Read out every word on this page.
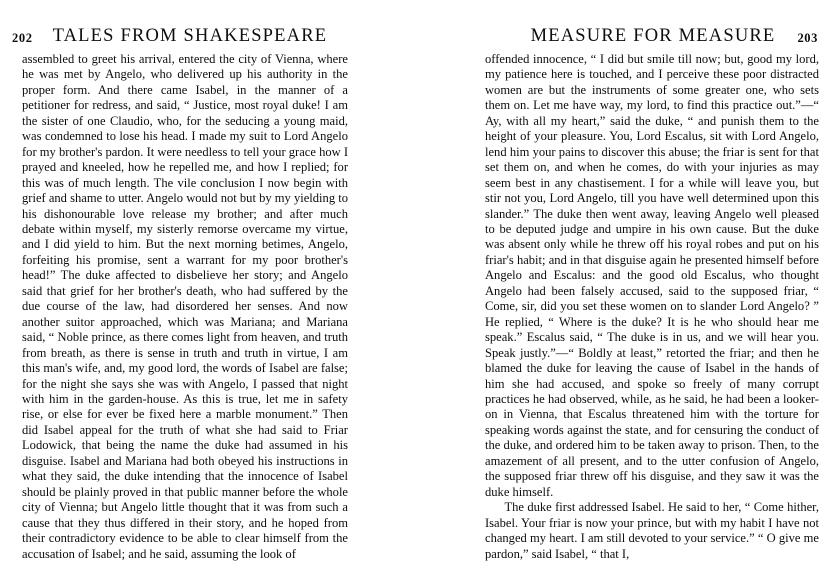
202 TALES FROM SHAKESPEARE	MEASURE FOR MEASURE 203

assembled to greet his arrival, entered the city of Vienna, where he was met by Angelo, who delivered up his authority in the proper form. And there came Isabel, in the manner of a petitioner for redress, and said, “ Justice, most royal duke! I am the sister of one Claudio, who, for the seducing a young maid, was condemned to lose his head. I made my suit to Lord Angelo for my brother's pardon. It were needless to tell your grace how I prayed and kneeled, how he repelled me, and how I replied; for this was of much length. The vile conclusion I now begin with grief and shame to utter. Angelo would not but by my yielding to his dishonourable love release my brother; and after much debate within myself, my sisterly remorse overcame my virtue, and I did yield to him. But the next morning betimes, Angelo, forfeiting his promise, sent a warrant for my poor brother's head!” The duke affected to disbelieve her story; and Angelo said that grief for her brother's death, who had suffered by the due course of the law, had disordered her senses. And now another suitor approached, which was Mariana; and Mariana said, “ Noble prince, as there comes light from heaven, and truth from breath, as there is sense in truth and truth in virtue, I am this man's wife, and, my good lord, the words of Isabel are false; for the night she says she was with Angelo, I passed that night with him in the garden-house. As this is true, let me in safety rise, or else for ever be fixed here a marble monument.” Then did Isabel appeal for the truth of what she had said to Friar Lodowick, that being the name the duke had assumed in his disguise. Isabel and Mariana had both obeyed his instructions in what they said, the duke intending that the innocence of Isabel should be plainly proved in that public manner before the whole city of Vienna; but Angelo little thought that it was from such a cause that they thus differed in their story, and he hoped from their contradictory evidence to be able to clear himself from the accusation of Isabel; and he said, assuming the look of

offended innocence, “ I did but smile till now; but, good my lord, my patience here is touched, and I perceive these poor distracted women are but the instruments of some greater one, who sets them on. Let me have way, my lord, to find this practice out.”—“ Ay, with all my heart,” said the duke, “ and punish them to the height of your pleasure. You, Lord Escalus, sit with Lord Angelo, lend him your pains to discover this abuse; the friar is sent for that set them on, and when he comes, do with your injuries as may seem best in any chastisement. I for a while will leave you, but stir not you, Lord Angelo, till you have well determined upon this slander.” The duke then went away, leaving Angelo well pleased to be deputed judge and umpire in his own cause. But the duke was absent only while he threw off his royal robes and put on his friar's habit; and in that disguise again he presented himself before Angelo and Escalus: and the good old Escalus, who thought Angelo had been falsely accused, said to the supposed friar, “ Come, sir, did you set these women on to slander Lord Angelo? ” He replied, “ Where is the duke? It is he who should hear me speak.” Escalus said, “ The duke is in us, and we will hear you. Speak justly.”—“ Boldly at least,” retorted the friar; and then he blamed the duke for leaving the cause of Isabel in the hands of him she had accused, and spoke so freely of many corrupt practices he had observed, while, as he said, he had been a looker-on in Vienna, that Escalus threatened him with the torture for speaking words against the state, and for censuring the conduct of the duke, and ordered him to be taken away to prison. Then, to the amazement of all present, and to the utter confusion of Angelo, the supposed friar threw off his disguise, and they saw it was the duke himself.

The duke first addressed Isabel. He said to her, “ Come hither, Isabel. Your friar is now your prince, but with my habit I have not changed my heart. I am still devoted to your service.” “ O give me pardon,” said Isabel, “ that I,
